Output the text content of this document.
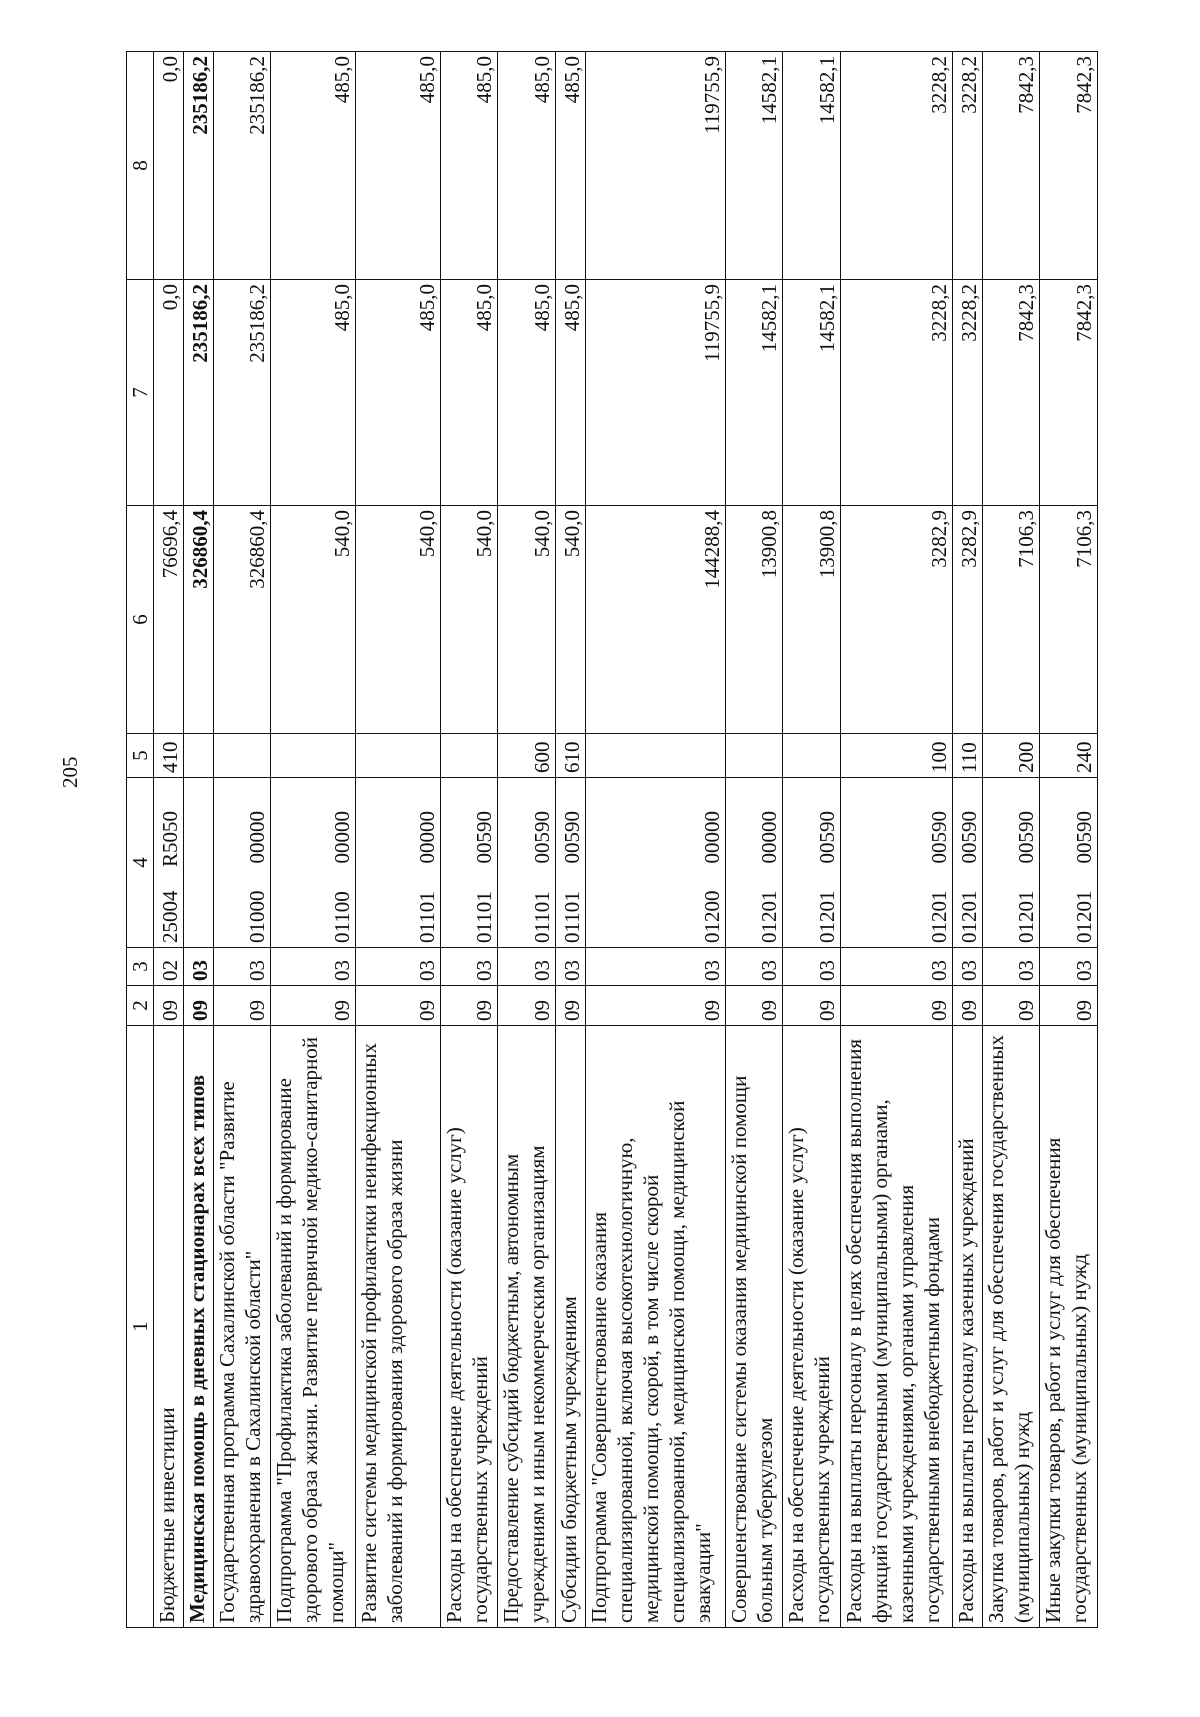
205
1	2	3	4	5	6	7	8
Бюджетные инвестиции	09	02	25004R5050	410	76696,4	0,0	0,0
Медицинская помощь в дневных стационарах всех типов	09	03			326860,4	235186,2	235186,2
Государственная программа Сахалинской области "Развитие здравоохранения в Сахалинской области"	09	03	0100000000		326860,4	235186,2	235186,2
Подпрограмма "Профилактика заболеваний и формирование здорового образа жизни. Развитие первичной медико-санитарной помощи"	09	03	0110000000		540,0	485,0	485,0
Развитие системы медицинской профилактики неинфекционных заболеваний и формирования здорового образа жизни	09	03	0110100000		540,0	485,0	485,0
Расходы на обеспечение деятельности (оказание услуг) государственных учреждений	09	03	0110100590		540,0	485,0	485,0
Предоставление субсидий бюджетным, автономным учреждениям и иным некоммерческим организациям	09	03	0110100590	600	540,0	485,0	485,0
Субсидии бюджетным учреждениям	09	03	0110100590	610	540,0	485,0	485,0
Подпрограмма "Совершенствование оказания специализированной, включая высокотехнологичную, медицинской помощи, скорой, в том числе скорой специализированной, медицинской помощи, медицинской эвакуации"	09	03	0120000000		144288,4	119755,9	119755,9
Совершенствование системы оказания медицинской помощи больным туберкулезом	09	03	0120100000		13900,8	14582,1	14582,1
Расходы на обеспечение деятельности (оказание услуг) государственных учреждений	09	03	0120100590		13900,8	14582,1	14582,1
Расходы на выплаты персоналу в целях обеспечения выполнения функций государственными (муниципальными) органами, казенными учреждениями, органами управления государственными внебюджетными фондами	09	03	0120100590	100	3282,9	3228,2	3228,2
Расходы на выплаты персоналу казенных учреждений	09	03	0120100590	110	3282,9	3228,2	3228,2
Закупка товаров, работ и услуг для обеспечения государственных (муниципальных) нужд	09	03	0120100590	200	7106,3	7842,3	7842,3
Иные закупки товаров, работ и услуг для обеспечения государственных (муниципальных) нужд	09	03	0120100590	240	7106,3	7842,3	7842,3
